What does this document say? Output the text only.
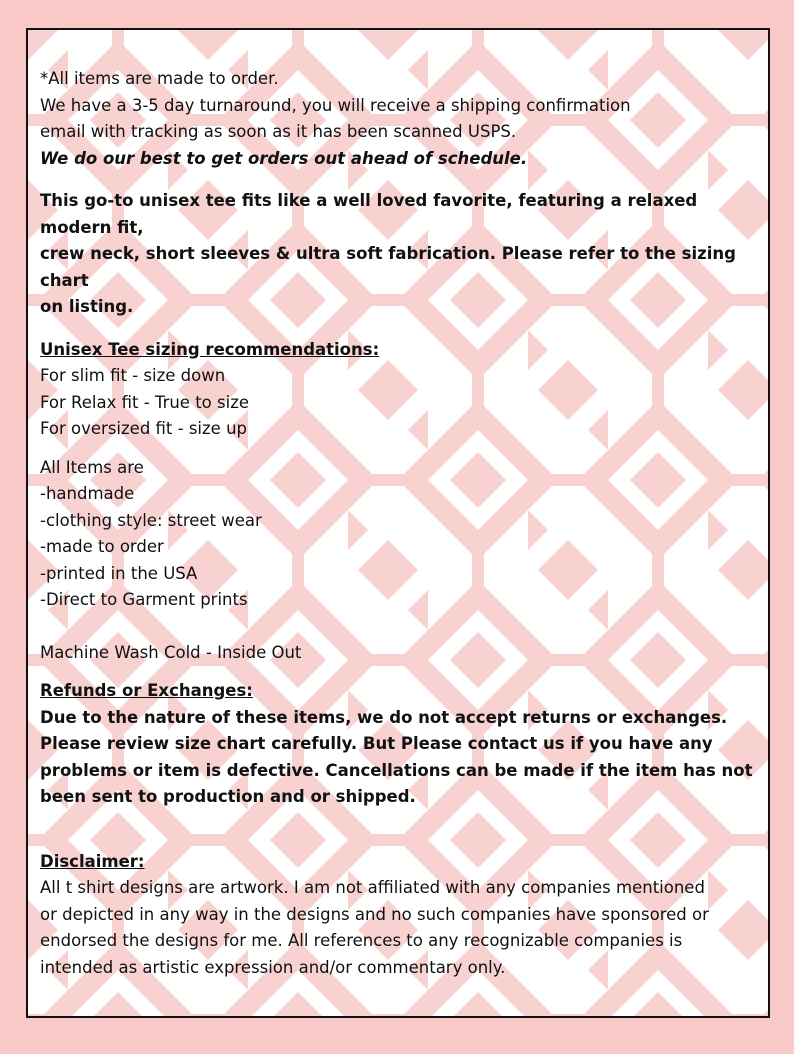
*All items are made to order.

We have a 3-5 day turnaround, you will receive a shipping confirmation

email with tracking as soon as it has been scanned USPS.

We do our best to get orders out ahead of schedule.

This go-to unisex tee fits like a well loved favorite, featuring a relaxed modern fit,

crew neck, short sleeves & ultra soft fabrication. Please refer to the sizing chart

on listing.

Unisex Tee sizing recommendations:

For slim fit - size down

For Relax fit - True to size

For oversized fit - size up

All Items are

-handmade

-clothing style: street wear

-made to order

-printed in the USA

-Direct to Garment prints

Machine Wash Cold - Inside Out

Refunds or Exchanges:

Due to the nature of these items, we do not accept returns or exchanges.

Please review size chart carefully. But Please contact us if you have any

problems or item is defective. Cancellations can be made if the item has not

been sent to production and or shipped.

Disclaimer:

All t shirt designs are artwork. I am not affiliated with any companies mentioned

or depicted in any way in the designs and no such companies have sponsored or

endorsed the designs for me. All references to any recognizable companies is

intended as artistic expression and/or commentary only.
